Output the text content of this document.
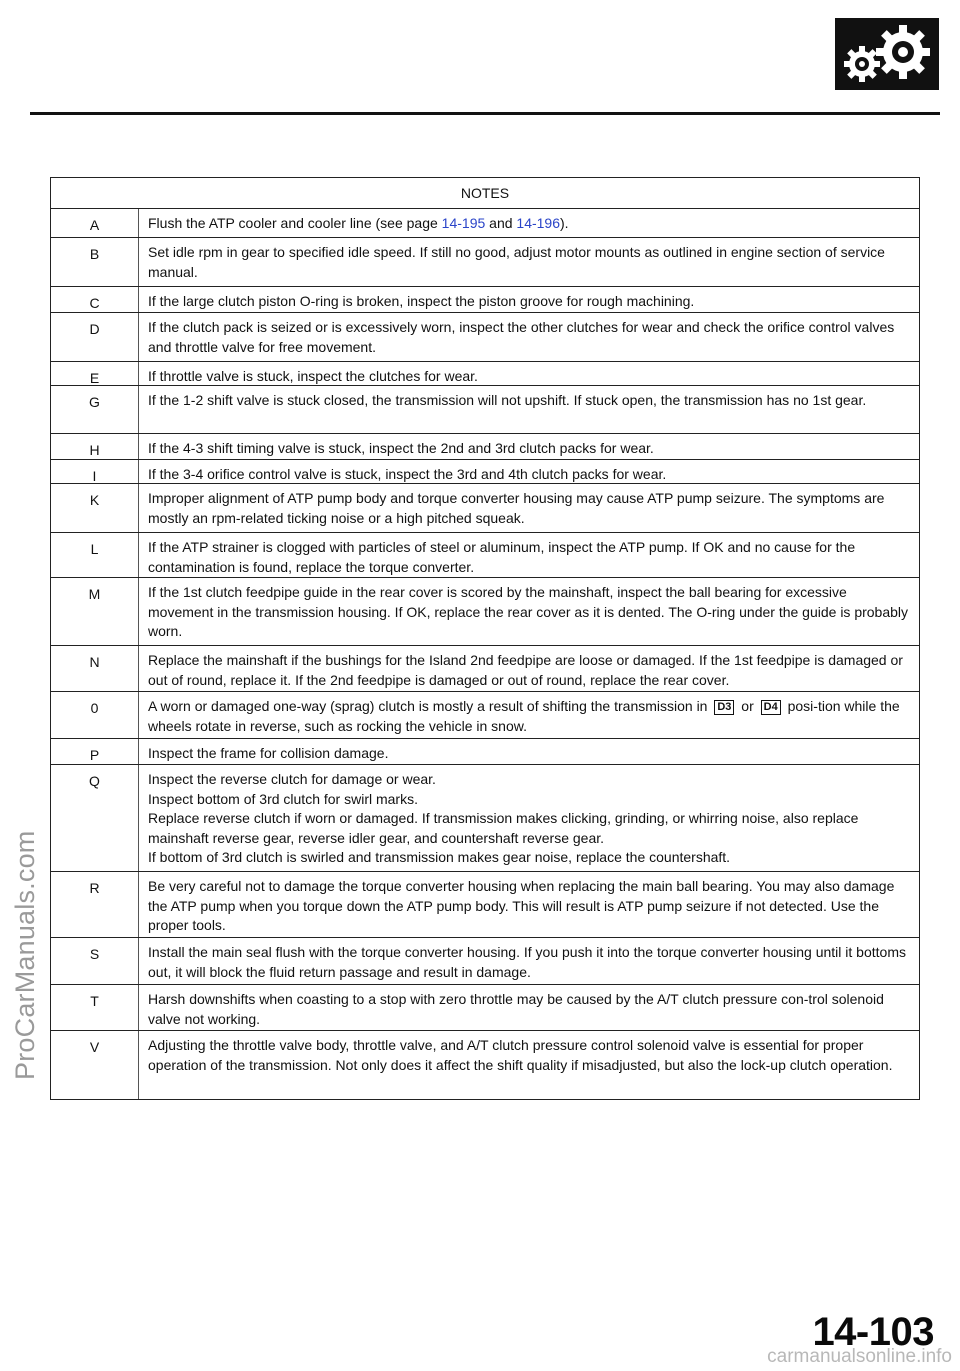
NOTES
A	Flush the ATP cooler and cooler line (see page 14-195 and 14-196).
B	Set idle rpm in gear to specified idle speed. If still no good, adjust motor mounts as outlined in engine section of service manual.
C	If the large clutch piston O-ring is broken, inspect the piston groove for rough machining.
D	If the clutch pack is seized or is excessively worn, inspect the other clutches for wear and check the orifice control valves and throttle valve for free movement.
E	If throttle valve is stuck, inspect the clutches for wear.
G	If the 1-2 shift valve is stuck closed, the transmission will not upshift. If stuck open, the transmission has no 1st gear.
H	If the 4-3 shift timing valve is stuck, inspect the 2nd and 3rd clutch packs for wear.
I	If the 3-4 orifice control valve is stuck, inspect the 3rd and 4th clutch packs for wear.
K	Improper alignment of ATP pump body and torque converter housing may cause ATP pump seizure. The symptoms are mostly an rpm-related ticking noise or a high pitched squeak.
L	If the ATP strainer is clogged with particles of steel or aluminum, inspect the ATP pump. If OK and no cause for the contamination is found, replace the torque converter.
M	If the 1st clutch feedpipe guide in the rear cover is scored by the mainshaft, inspect the ball bearing for excessive movement in the transmission housing. If OK, replace the rear cover as it is dented. The O-ring under the guide is probably worn.
N	Replace the mainshaft if the bushings for the Island 2nd feedpipe are loose or damaged. If the 1st feedpipe is damaged or out of round, replace it. If the 2nd feedpipe is damaged or out of round, replace the rear cover.
0	A worn or damaged one-way (sprag) clutch is mostly a result of shifting the transmission in D3 or D4 posi-tion while the wheels rotate in reverse, such as rocking the vehicle in snow.
P	Inspect the frame for collision damage.
Q	Inspect the reverse clutch for damage or wear.
Inspect bottom of 3rd clutch for swirl marks.
Replace reverse clutch if worn or damaged. If transmission makes clicking, grinding, or whirring noise, also replace mainshaft reverse gear, reverse idler gear, and countershaft reverse gear.
If bottom of 3rd clutch is swirled and transmission makes gear noise, replace the countershaft.
R	Be very careful not to damage the torque converter housing when replacing the main ball bearing. You may also damage the ATP pump when you torque down the ATP pump body. This will result is ATP pump seizure if not detected. Use the proper tools.
S	Install the main seal flush with the torque converter housing. If you push it into the torque converter housing until it bottoms out, it will block the fluid return passage and result in damage.
T	Harsh downshifts when coasting to a stop with zero throttle may be caused by the A/T clutch pressure con-trol solenoid valve not working.
V	Adjusting the throttle valve body, throttle valve, and A/T clutch pressure control solenoid valve is essential for proper operation of the transmission. Not only does it affect the shift quality if misadjusted, but also the lock-up clutch operation.
ProCarManuals.com
14-103
carmanualsonline.info
